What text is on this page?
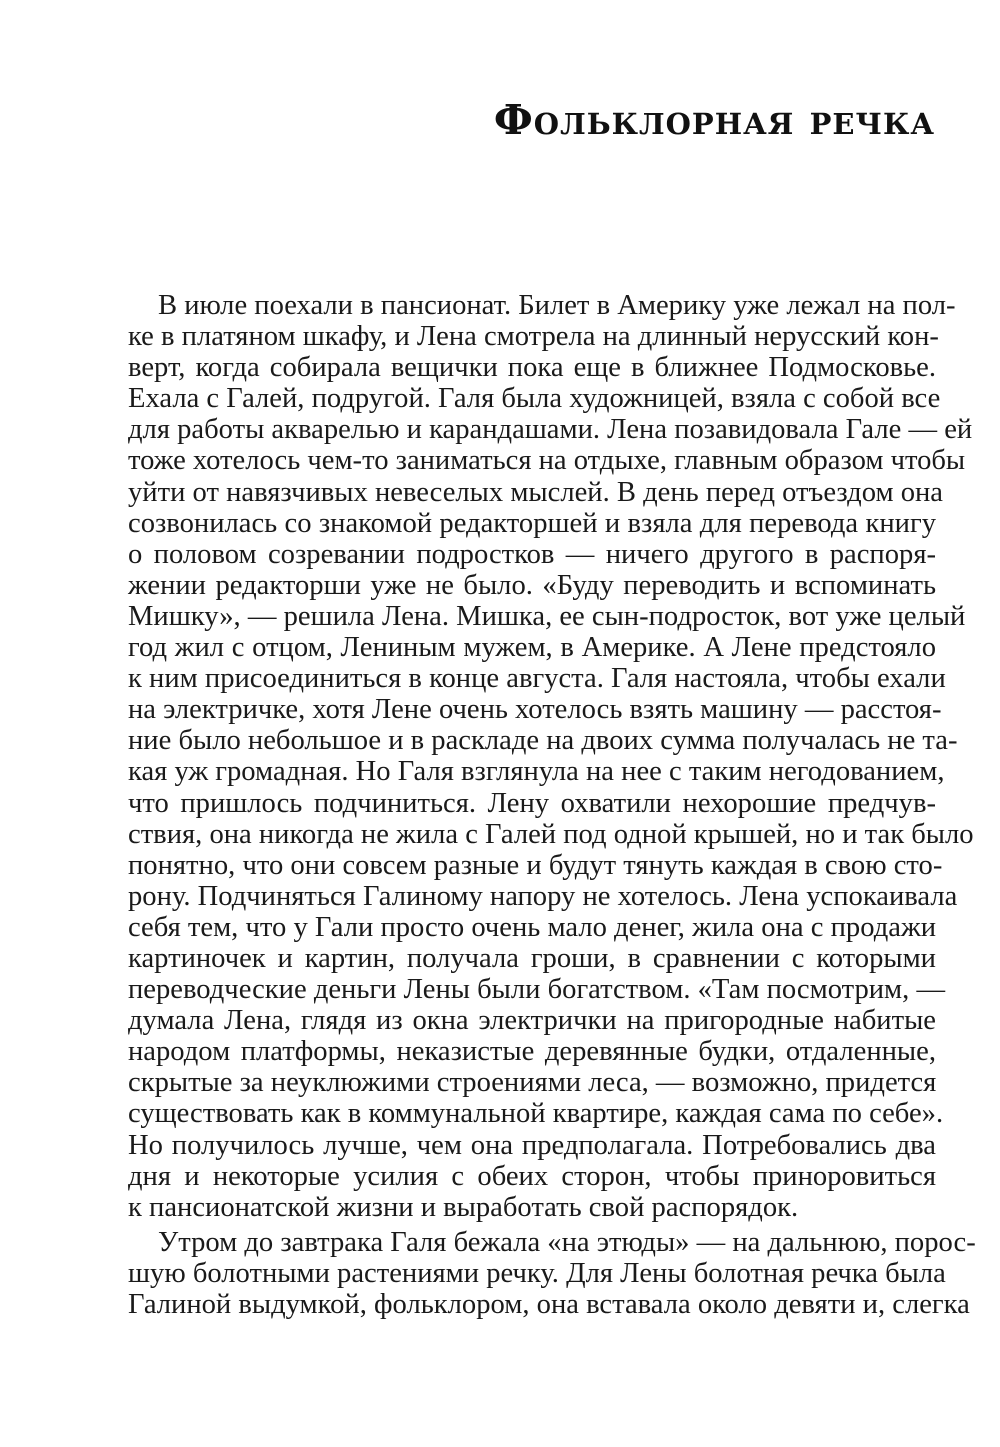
Фольклорная речка

В июле поехали в пансионат. Билет в Америку уже лежал на пол-
ке в платяном шкафу, и Лена смотрела на длинный нерусский кон-
верт, когда собирала вещички пока еще в ближнее Подмосковье.
Ехала с Галей, подругой. Галя была художницей, взяла с собой все
для работы акварелью и карандашами. Лена позавидовала Гале — ей
тоже хотелось чем-то заниматься на отдыхе, главным образом чтобы
уйти от навязчивых невеселых мыслей. В день перед отъездом она
созвонилась со знакомой редакторшей и взяла для перевода книгу
о половом созревании подростков — ничего другого в распоря-
жении редакторши уже не было. «Буду переводить и вспоминать
Мишку», — решила Лена. Мишка, ее сын-подросток, вот уже целый
год жил с отцом, Лениным мужем, в Америке. А Лене предстояло
к ним присоединиться в конце августа. Галя настояла, чтобы ехали
на электричке, хотя Лене очень хотелось взять машину — расстоя-
ние было небольшое и в раскладе на двоих сумма получалась не та-
кая уж громадная. Но Галя взглянула на нее с таким негодованием,
что пришлось подчиниться. Лену охватили нехорошие предчув-
ствия, она никогда не жила с Галей под одной крышей, но и так было
понятно, что они совсем разные и будут тянуть каждая в свою сто-
рону. Подчиняться Галиному напору не хотелось. Лена успокаивала
себя тем, что у Гали просто очень мало денег, жила она с продажи
картиночек и картин, получала гроши, в сравнении с которыми
переводческие деньги Лены были богатством. «Там посмотрим, —
думала Лена, глядя из окна электрички на пригородные набитые
народом платформы, неказистые деревянные будки, отдаленные,
скрытые за неуклюжими строениями леса, — возможно, придется
существовать как в коммунальной квартире, каждая сама по себе».
Но получилось лучше, чем она предполагала. Потребовались два
дня и некоторые усилия с обеих сторон, чтобы приноровиться
к пансионатской жизни и выработать свой распорядок.

Утром до завтрака Галя бежала «на этюды» — на дальнюю, порос-
шую болотными растениями речку. Для Лены болотная речка была
Галиной выдумкой, фольклором, она вставала около девяти и, слегка
